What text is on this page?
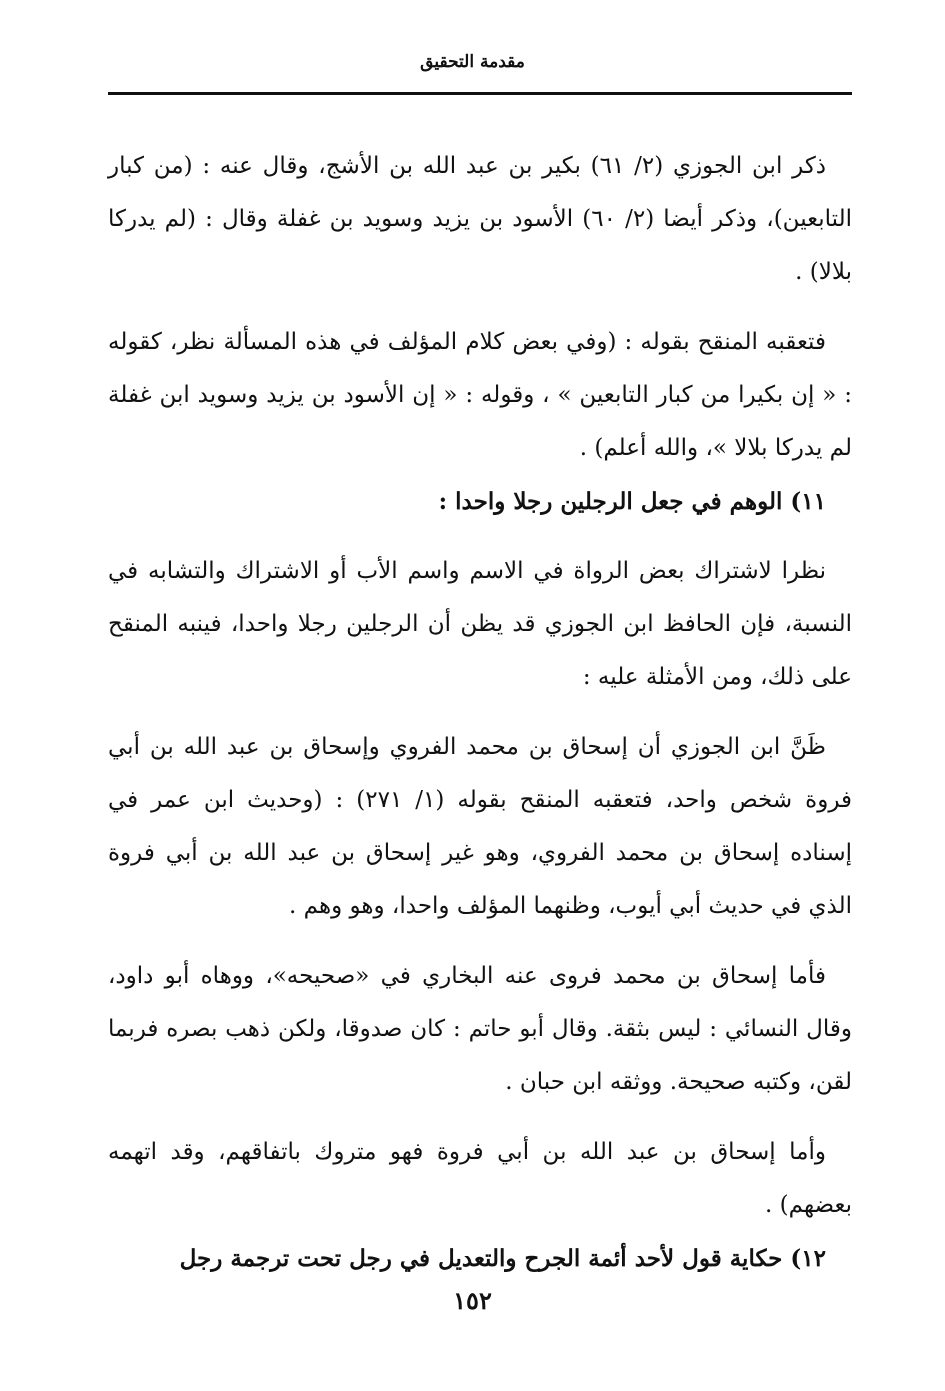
مقدمة التحقيق

ذكر ابن الجوزي (٢/ ٦١) بكير بن عبد الله بن الأشج، وقال عنه : (من كبار التابعين)، وذكر أيضا (٢/ ٦٠) الأسود بن يزيد وسويد بن غفلة وقال : (لم يدركا بلالا) .

فتعقبه المنقح بقوله : (وفي بعض كلام المؤلف في هذه المسألة نظر، كقوله : « إن بكيرا من كبار التابعين » ، وقوله : « إن الأسود بن يزيد وسويد ابن غفلة لم يدركا بلالا »، والله أعلم) .

١١) الوهم في جعل الرجلين رجلا واحدا :

نظرا لاشتراك بعض الرواة في الاسم واسم الأب أو الاشتراك والتشابه في النسبة، فإن الحافظ ابن الجوزي قد يظن أن الرجلين رجلا واحدا، فينبه المنقح على ذلك، ومن الأمثلة عليه :

ظَنَّ ابن الجوزي أن إسحاق بن محمد الفروي وإسحاق بن عبد الله بن أبي فروة شخص واحد، فتعقبه المنقح بقوله (١/ ٢٧١) : (وحديث ابن عمر في إسناده إسحاق بن محمد الفروي، وهو غير إسحاق بن عبد الله بن أبي فروة الذي في حديث أبي أيوب، وظنهما المؤلف واحدا، وهو وهم .

فأما إسحاق بن محمد فروى عنه البخاري في «صحيحه»، ووهاه أبو داود، وقال النسائي : ليس بثقة. وقال أبو حاتم : كان صدوقا، ولكن ذهب بصره فربما لقن، وكتبه صحيحة. ووثقه ابن حبان .

وأما إسحاق بن عبد الله بن أبي فروة فهو متروك باتفاقهم، وقد اتهمه بعضهم) .

١٢) حكاية قول لأحد أئمة الجرح والتعديل في رجل تحت ترجمة رجل

١٥٢
